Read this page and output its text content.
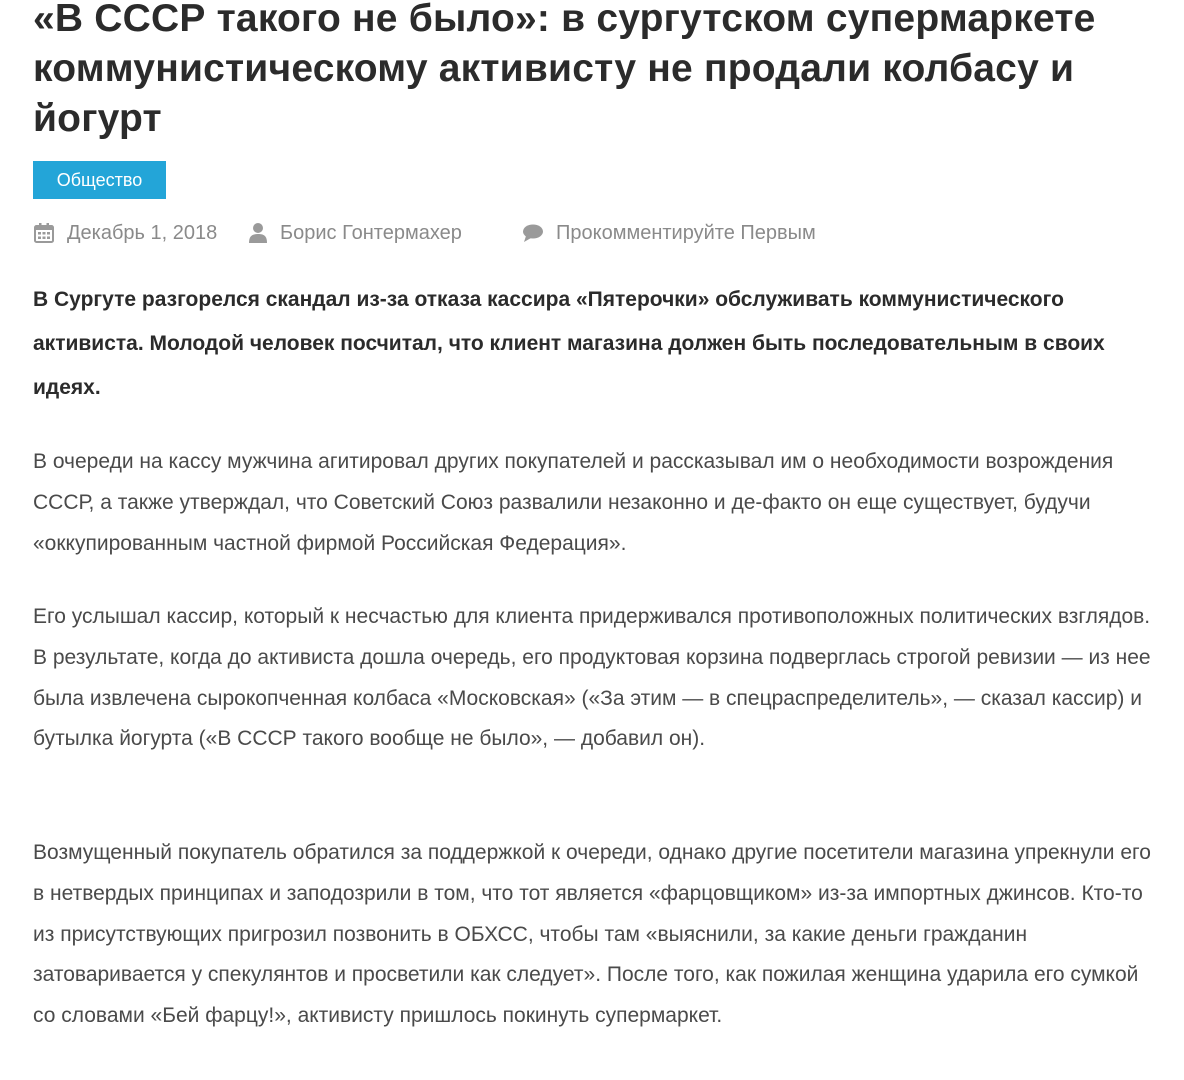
«В СССР такого не было»: в сургутском супермаркете коммунистическому активисту не продали колбасу и йогурт
Общество
Декабрь 1, 2018	Борис Гонтермахер	Прокомментируйте Первым

В Сургуте разгорелся скандал из-за отказа кассира «Пятерочки» обслуживать коммунистического активиста. Молодой человек посчитал, что клиент магазина должен быть последовательным в своих идеях.

В очереди на кассу мужчина агитировал других покупателей и рассказывал им о необходимости возрождения СССР, а также утверждал, что Советский Союз развалили незаконно и де-факто он еще существует, будучи «оккупированным частной фирмой Российская Федерация».

Его услышал кассир, который к несчастью для клиента придерживался противоположных политических взглядов. В результате, когда до активиста дошла очередь, его продуктовая корзина подверглась строгой ревизии — из нее была извлечена сырокопченная колбаса «Московская» («За этим — в спецраспределитель», — сказал кассир) и бутылка йогурта («В СССР такого вообще не было», — добавил он).

Возмущенный покупатель обратился за поддержкой к очереди, однако другие посетители магазина упрекнули его в нетвердых принципах и заподозрили в том, что тот является «фарцовщиком» из-за импортных джинсов. Кто-то из присутствующих пригрозил позвонить в ОБХСС, чтобы там «выяснили, за какие деньги гражданин затоваривается у спекулянтов и просветили как следует». После того, как пожилая женщина ударила его сумкой со словами «Бей фарцу!», активисту пришлось покинуть супермаркет.
